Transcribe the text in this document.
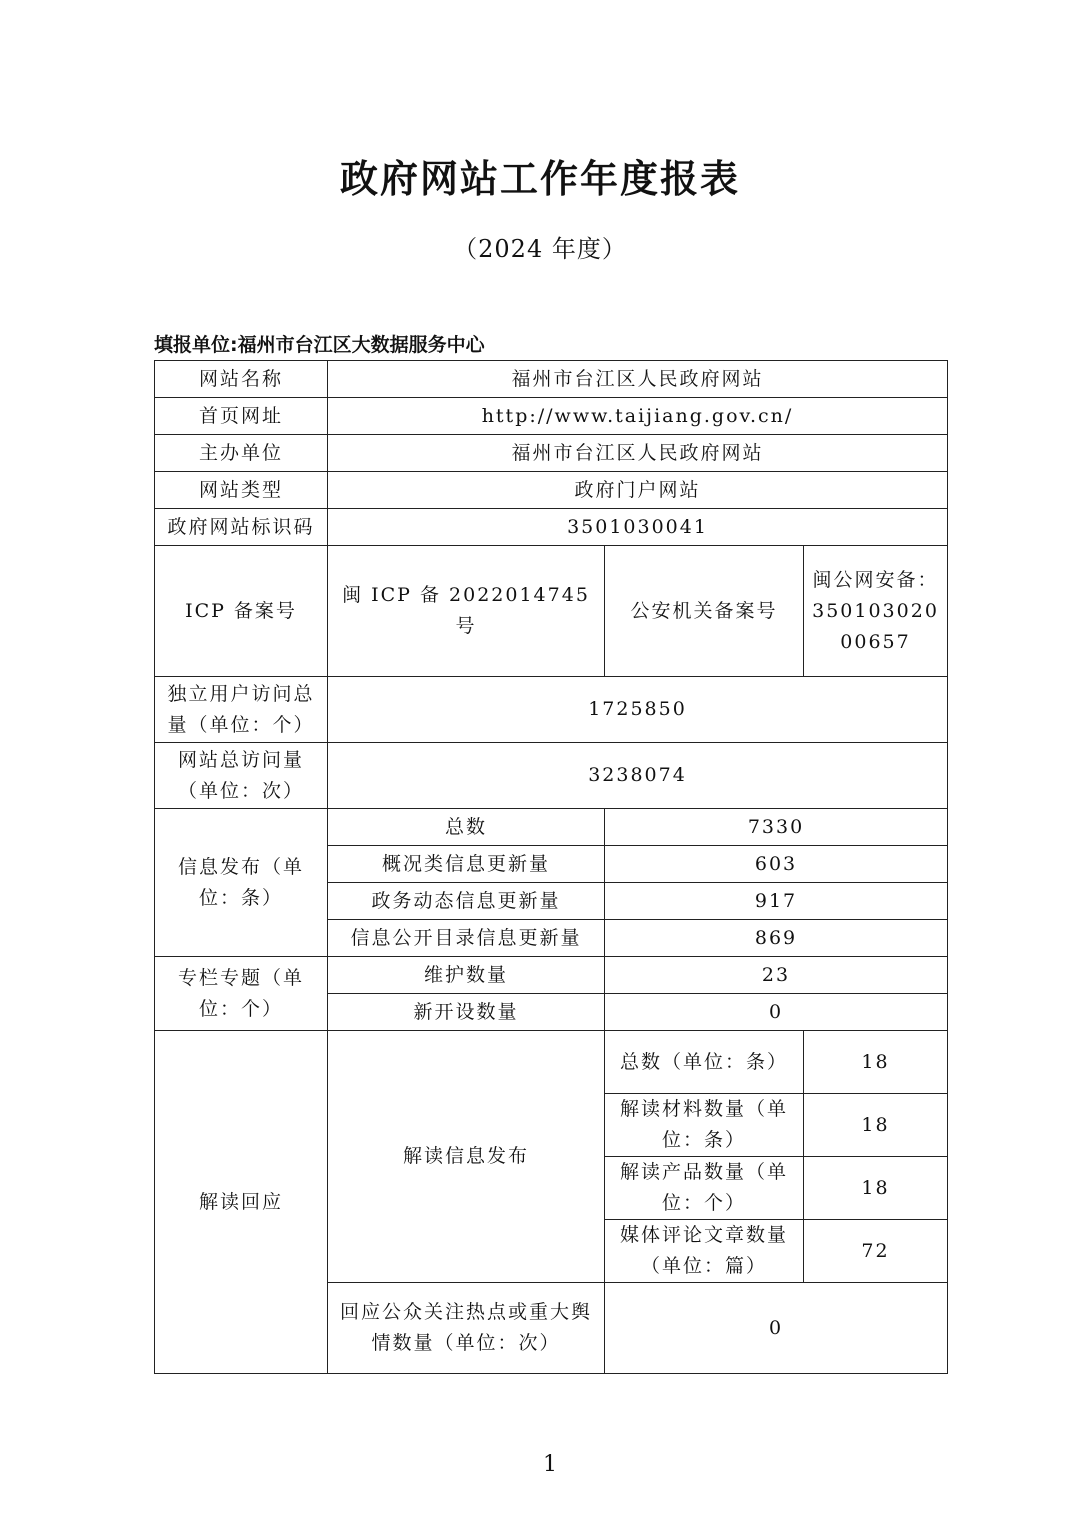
政府网站工作年度报表
（2024 年度）
填报单位:福州市台江区大数据服务中心
网站名称	福州市台江区人民政府网站		
首页网址	http://www.taijiang.gov.cn/		
主办单位	福州市台江区人民政府网站		
网站类型	政府门户网站		
政府网站标识码	3501030041		
ICP 备案号	闽 ICP 备 2022014745 号	公安机关备案号	闽公网安备：35010302000657
独立用户访问总量（单位：个）	1725850		
网站总访问量（单位：次）	3238074		
信息发布（单位：条）	总数	7330	
	概况类信息更新量	603	
	政务动态信息更新量	917	
	信息公开目录信息更新量	869	
专栏专题（单位：个）	维护数量	23	
	新开设数量	0	
解读回应	解读信息发布	总数（单位：条）	18
		解读材料数量（单位：条）	18
		解读产品数量（单位：个）	18
		媒体评论文章数量（单位：篇）	72
	回应公众关注热点或重大舆情数量（单位：次）	0	
1
